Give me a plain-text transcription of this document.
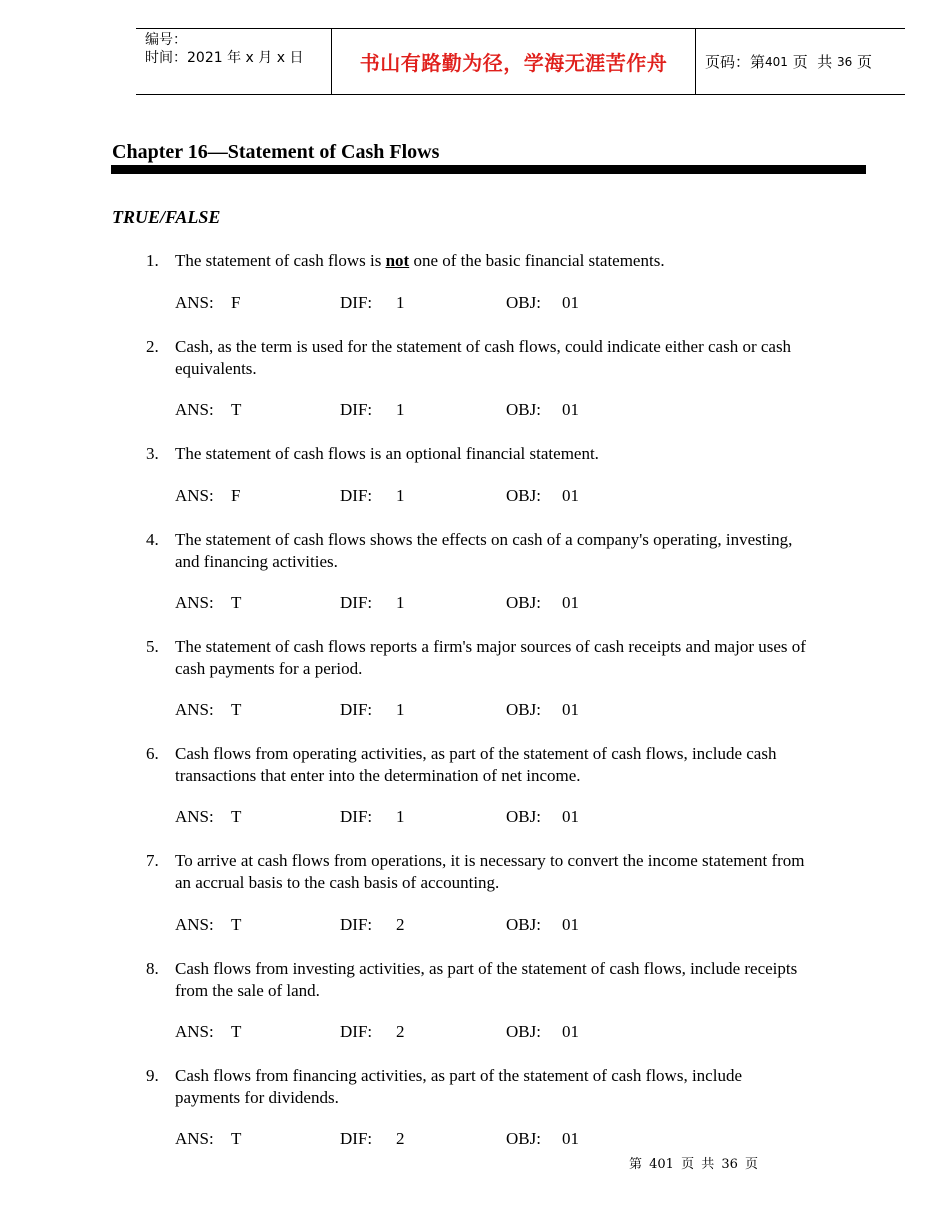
编号：
时间：2021 年 x 月 x 日	书山有路勤为径，学海无涯苦作舟	页码：第 401 页  共 36 页
Chapter 16—Statement of Cash Flows
TRUE/FALSE
1. The statement of cash flows is not one of the basic financial statements.
ANS: F	DIF: 1	OBJ: 01
2. Cash, as the term is used for the statement of cash flows, could indicate either cash or cash
equivalents.
ANS: T	DIF: 1	OBJ: 01
3. The statement of cash flows is an optional financial statement.
ANS: F	DIF: 1	OBJ: 01
4. The statement of cash flows shows the effects on cash of a company's operating, investing,
and financing activities.
ANS: T	DIF: 1	OBJ: 01
5. The statement of cash flows reports a firm's major sources of cash receipts and major uses of
cash payments for a period.
ANS: T	DIF: 1	OBJ: 01
6. Cash flows from operating activities, as part of the statement of cash flows, include cash
transactions that enter into the determination of net income.
ANS: T	DIF: 1	OBJ: 01
7. To arrive at cash flows from operations, it is necessary to convert the income statement from
an accrual basis to the cash basis of accounting.
ANS: T	DIF: 2	OBJ: 01
8. Cash flows from investing activities, as part of the statement of cash flows, include receipts
from the sale of land.
ANS: T	DIF: 2	OBJ: 01
9. Cash flows from financing activities, as part of the statement of cash flows, include
payments for dividends.
ANS: T	DIF: 2	OBJ: 01
第 401 页 共 36 页
